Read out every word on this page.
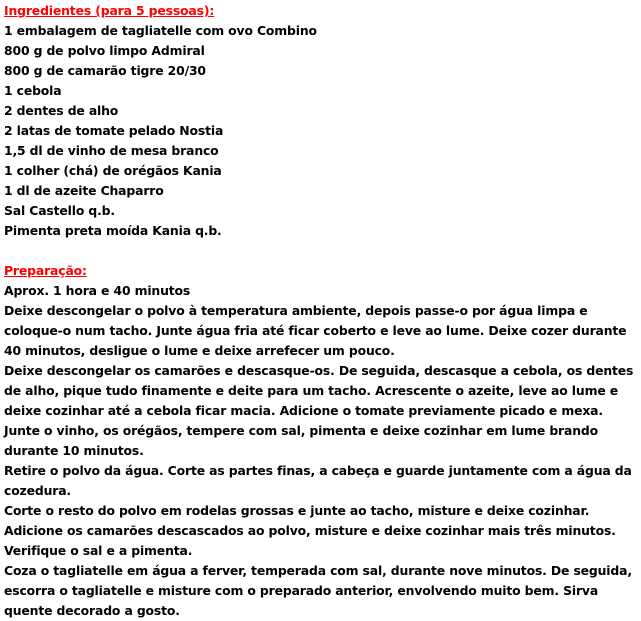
Ingredientes (para 5 pessoas):
1 embalagem de tagliatelle com ovo Combino
800 g de polvo limpo Admiral
800 g de camarão tigre 20/30
1 cebola
2 dentes de alho
2 latas de tomate pelado Nostia
1,5 dl de vinho de mesa branco
1 colher (chá) de orégãos Kania
1 dl de azeite Chaparro
Sal Castello q.b.
Pimenta preta moída Kania q.b.
Preparação:
Aprox. 1 hora e 40 minutos

Deixe descongelar o polvo à temperatura ambiente, depois passe-o por água limpa e coloque-o num tacho. Junte água fria até ficar coberto e leve ao lume. Deixe cozer durante 40 minutos, desligue o lume e deixe arrefecer um pouco.

Deixe descongelar os camarões e descasque-os. De seguida, descasque a cebola, os dentes de alho, pique tudo finamente e deite para um tacho. Acrescente o azeite, leve ao lume e deixe cozinhar até a cebola ficar macia. Adicione o tomate previamente picado e mexa. Junte o vinho, os orégãos, tempere com sal, pimenta e deixe cozinhar em lume brando durante 10 minutos.

Retire o polvo da água. Corte as partes finas, a cabeça e guarde juntamente com a água da cozedura.

Corte o resto do polvo em rodelas grossas e junte ao tacho, misture e deixe cozinhar. Adicione os camarões descascados ao polvo, misture e deixe cozinhar mais três minutos. Verifique o sal e a pimenta.

Coza o tagliatelle em água a ferver, temperada com sal, durante nove minutos. De seguida, escorra o tagliatelle e misture com o preparado anterior, envolvendo muito bem. Sirva quente decorado a gosto.
